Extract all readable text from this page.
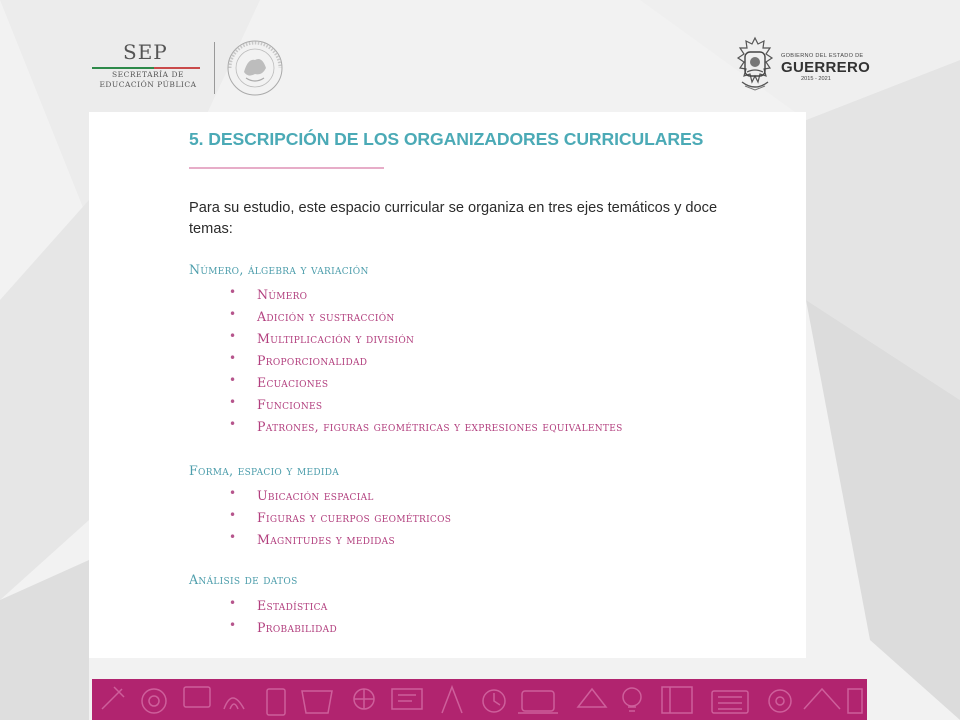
SEP
SECRETARÍA DE
EDUCACIÓN PÚBLICA
GOBIERNO DEL ESTADO DE
GUERRERO
2015 - 2021
5. DESCRIPCIÓN DE LOS ORGANIZADORES CURRICULARES
Para su estudio, este espacio curricular se organiza en tres ejes temáticos y doce temas:
Número, álgebra y variación
• Número
• Adición y sustracción
• Multiplicación y división
• Proporcionalidad
• Ecuaciones
• Funciones
• Patrones, figuras geométricas y expresiones equivalentes
Forma, espacio y medida
• Ubicación espacial
• Figuras y cuerpos geométricos
• Magnitudes y medidas
Análisis de datos
• Estadística
• Probabilidad
